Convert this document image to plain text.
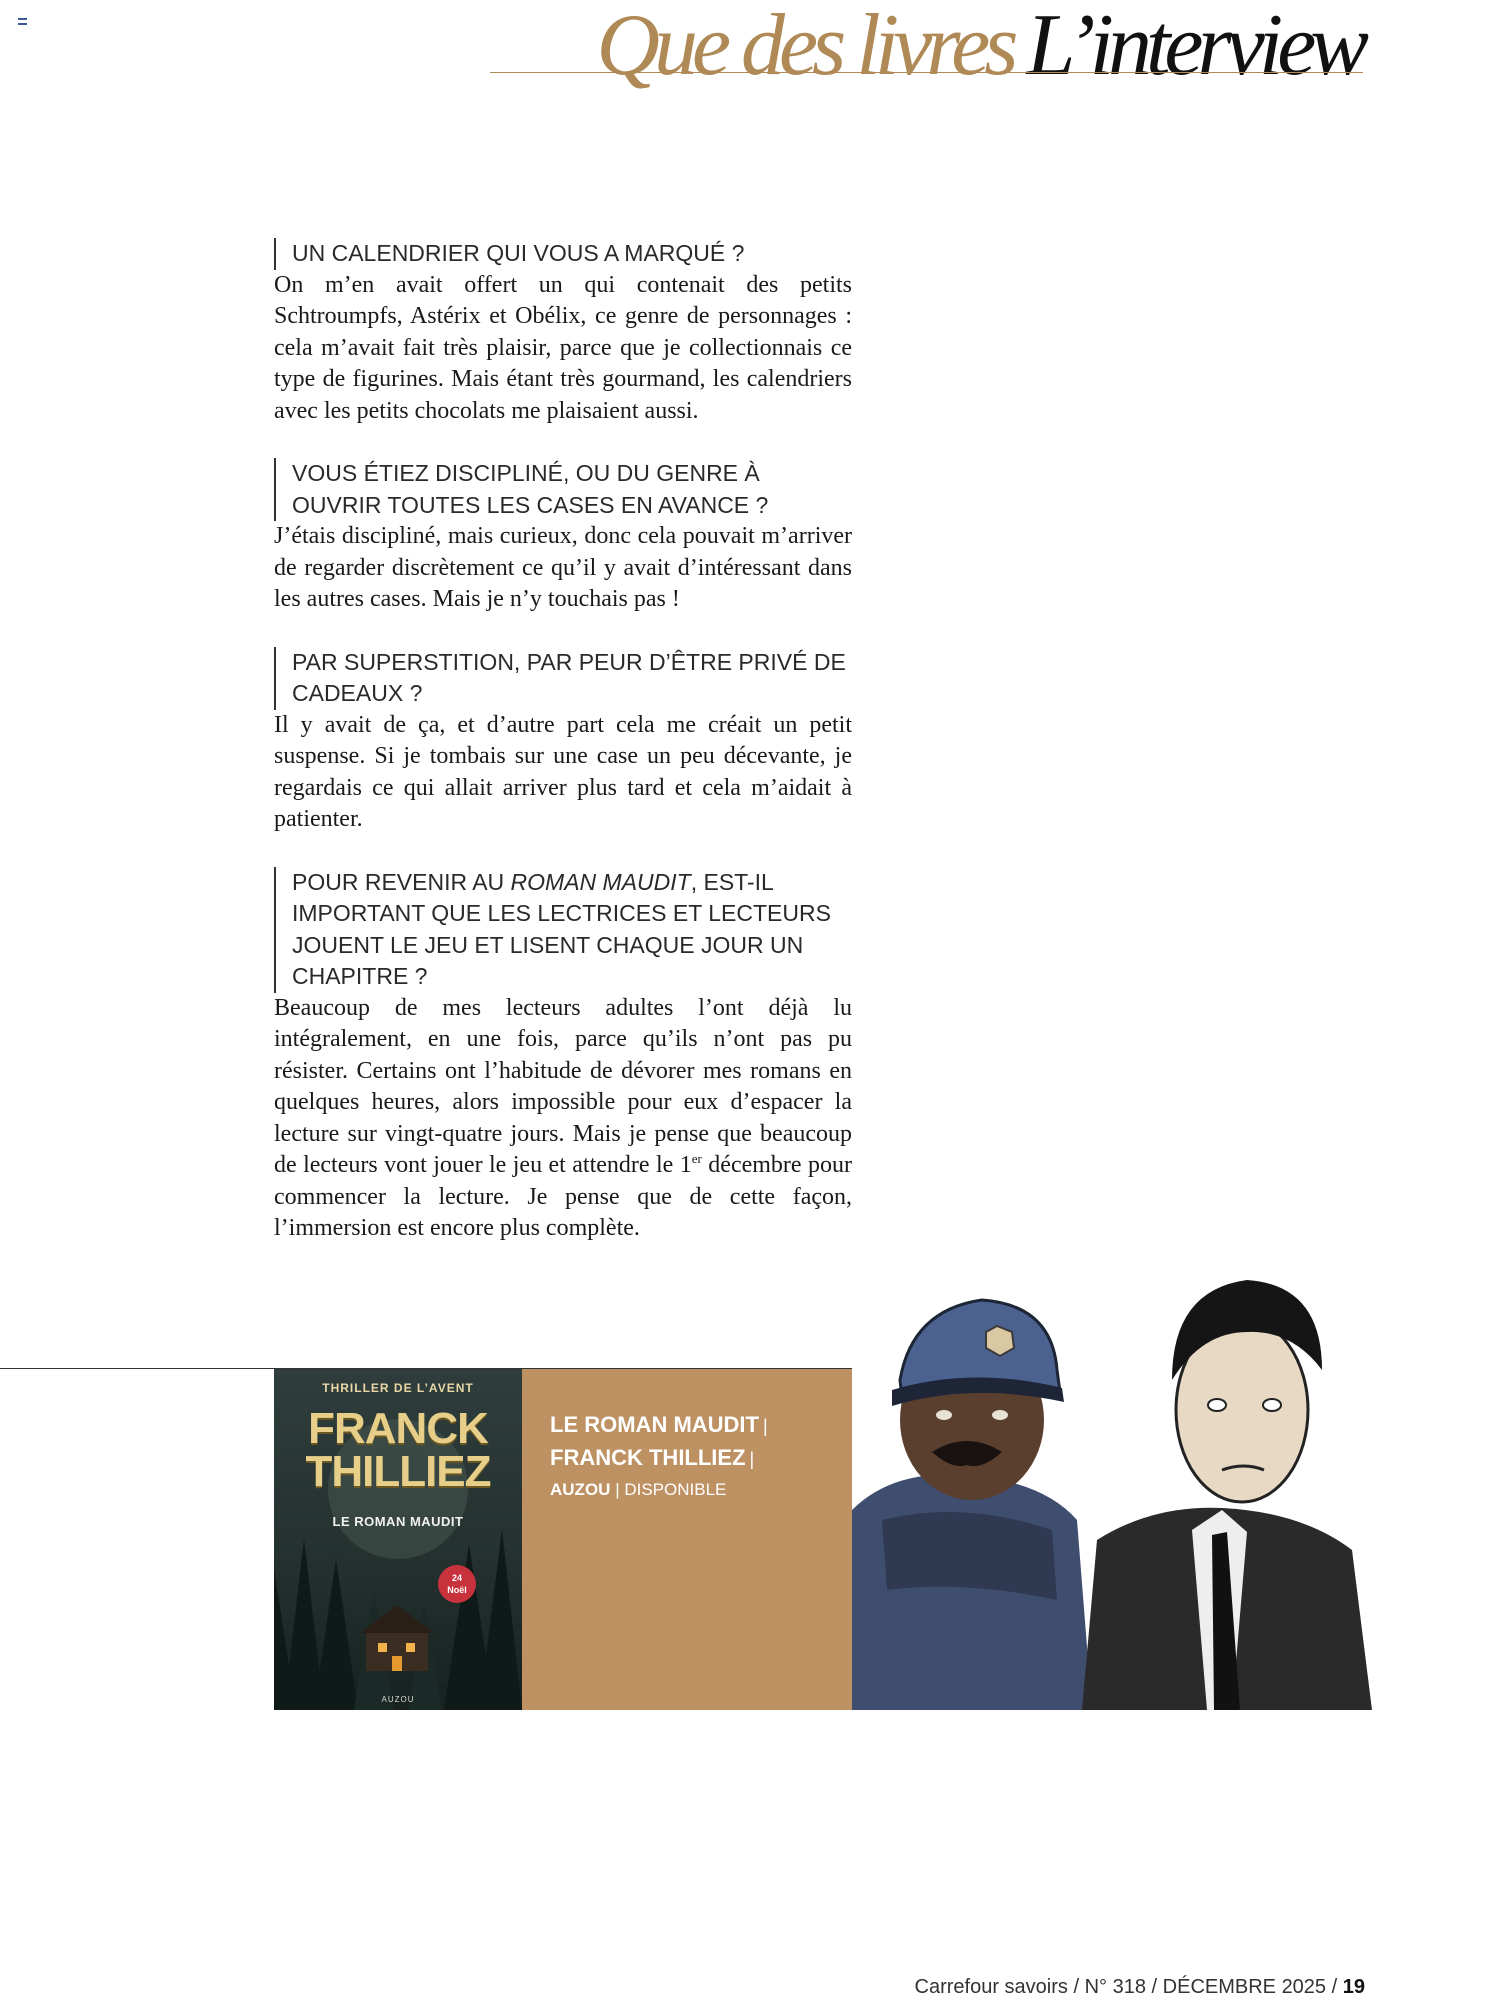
Que des livres L’interview
UN CALENDRIER QUI VOUS A MARQUÉ ?
On m’en avait offert un qui contenait des petits Schtroumpfs, Astérix et Obélix, ce genre de personnages : cela m’avait fait très plaisir, parce que je collectionnais ce type de figurines. Mais étant très gourmand, les calendriers avec les petits chocolats me plaisaient aussi.
VOUS ÉTIEZ DISCIPLINÉ, OU DU GENRE À OUVRIR TOUTES LES CASES EN AVANCE ?
J’étais discipliné, mais curieux, donc cela pouvait m’arriver de regarder discrètement ce qu’il y avait d’intéressant dans les autres cases. Mais je n’y touchais pas !
PAR SUPERSTITION, PAR PEUR D’ÊTRE PRIVÉ DE CADEAUX ?
Il y avait de ça, et d’autre part cela me créait un petit suspense. Si je tombais sur une case un peu décevante, je regardais ce qui allait arriver plus tard et cela m’aidait à patienter.
POUR REVENIR AU ROMAN MAUDIT, EST-IL IMPORTANT QUE LES LECTRICES ET LECTEURS JOUENT LE JEU ET LISENT CHAQUE JOUR UN CHAPITRE ?
Beaucoup de mes lecteurs adultes l’ont déjà lu intégralement, en une fois, parce qu’ils n’ont pas pu résister. Certains ont l’habitude de dévorer mes romans en quelques heures, alors impossible pour eux d’espacer la lecture sur vingt-quatre jours. Mais je pense que beaucoup de lecteurs vont jouer le jeu et attendre le 1er décembre pour commencer la lecture. Je pense que de cette façon, l’immersion est encore plus complète.
THRILLER DE L’AVENT
FRANCK
THILLIEZ
LE ROMAN MAUDIT
24
Noël
AUZOU
LE ROMAN MAUDIT |
FRANCK THILLIEZ |
AUZOU | DISPONIBLE
Carrefour savoirs / N° 318 / DÉCEMBRE 2025 / 19
